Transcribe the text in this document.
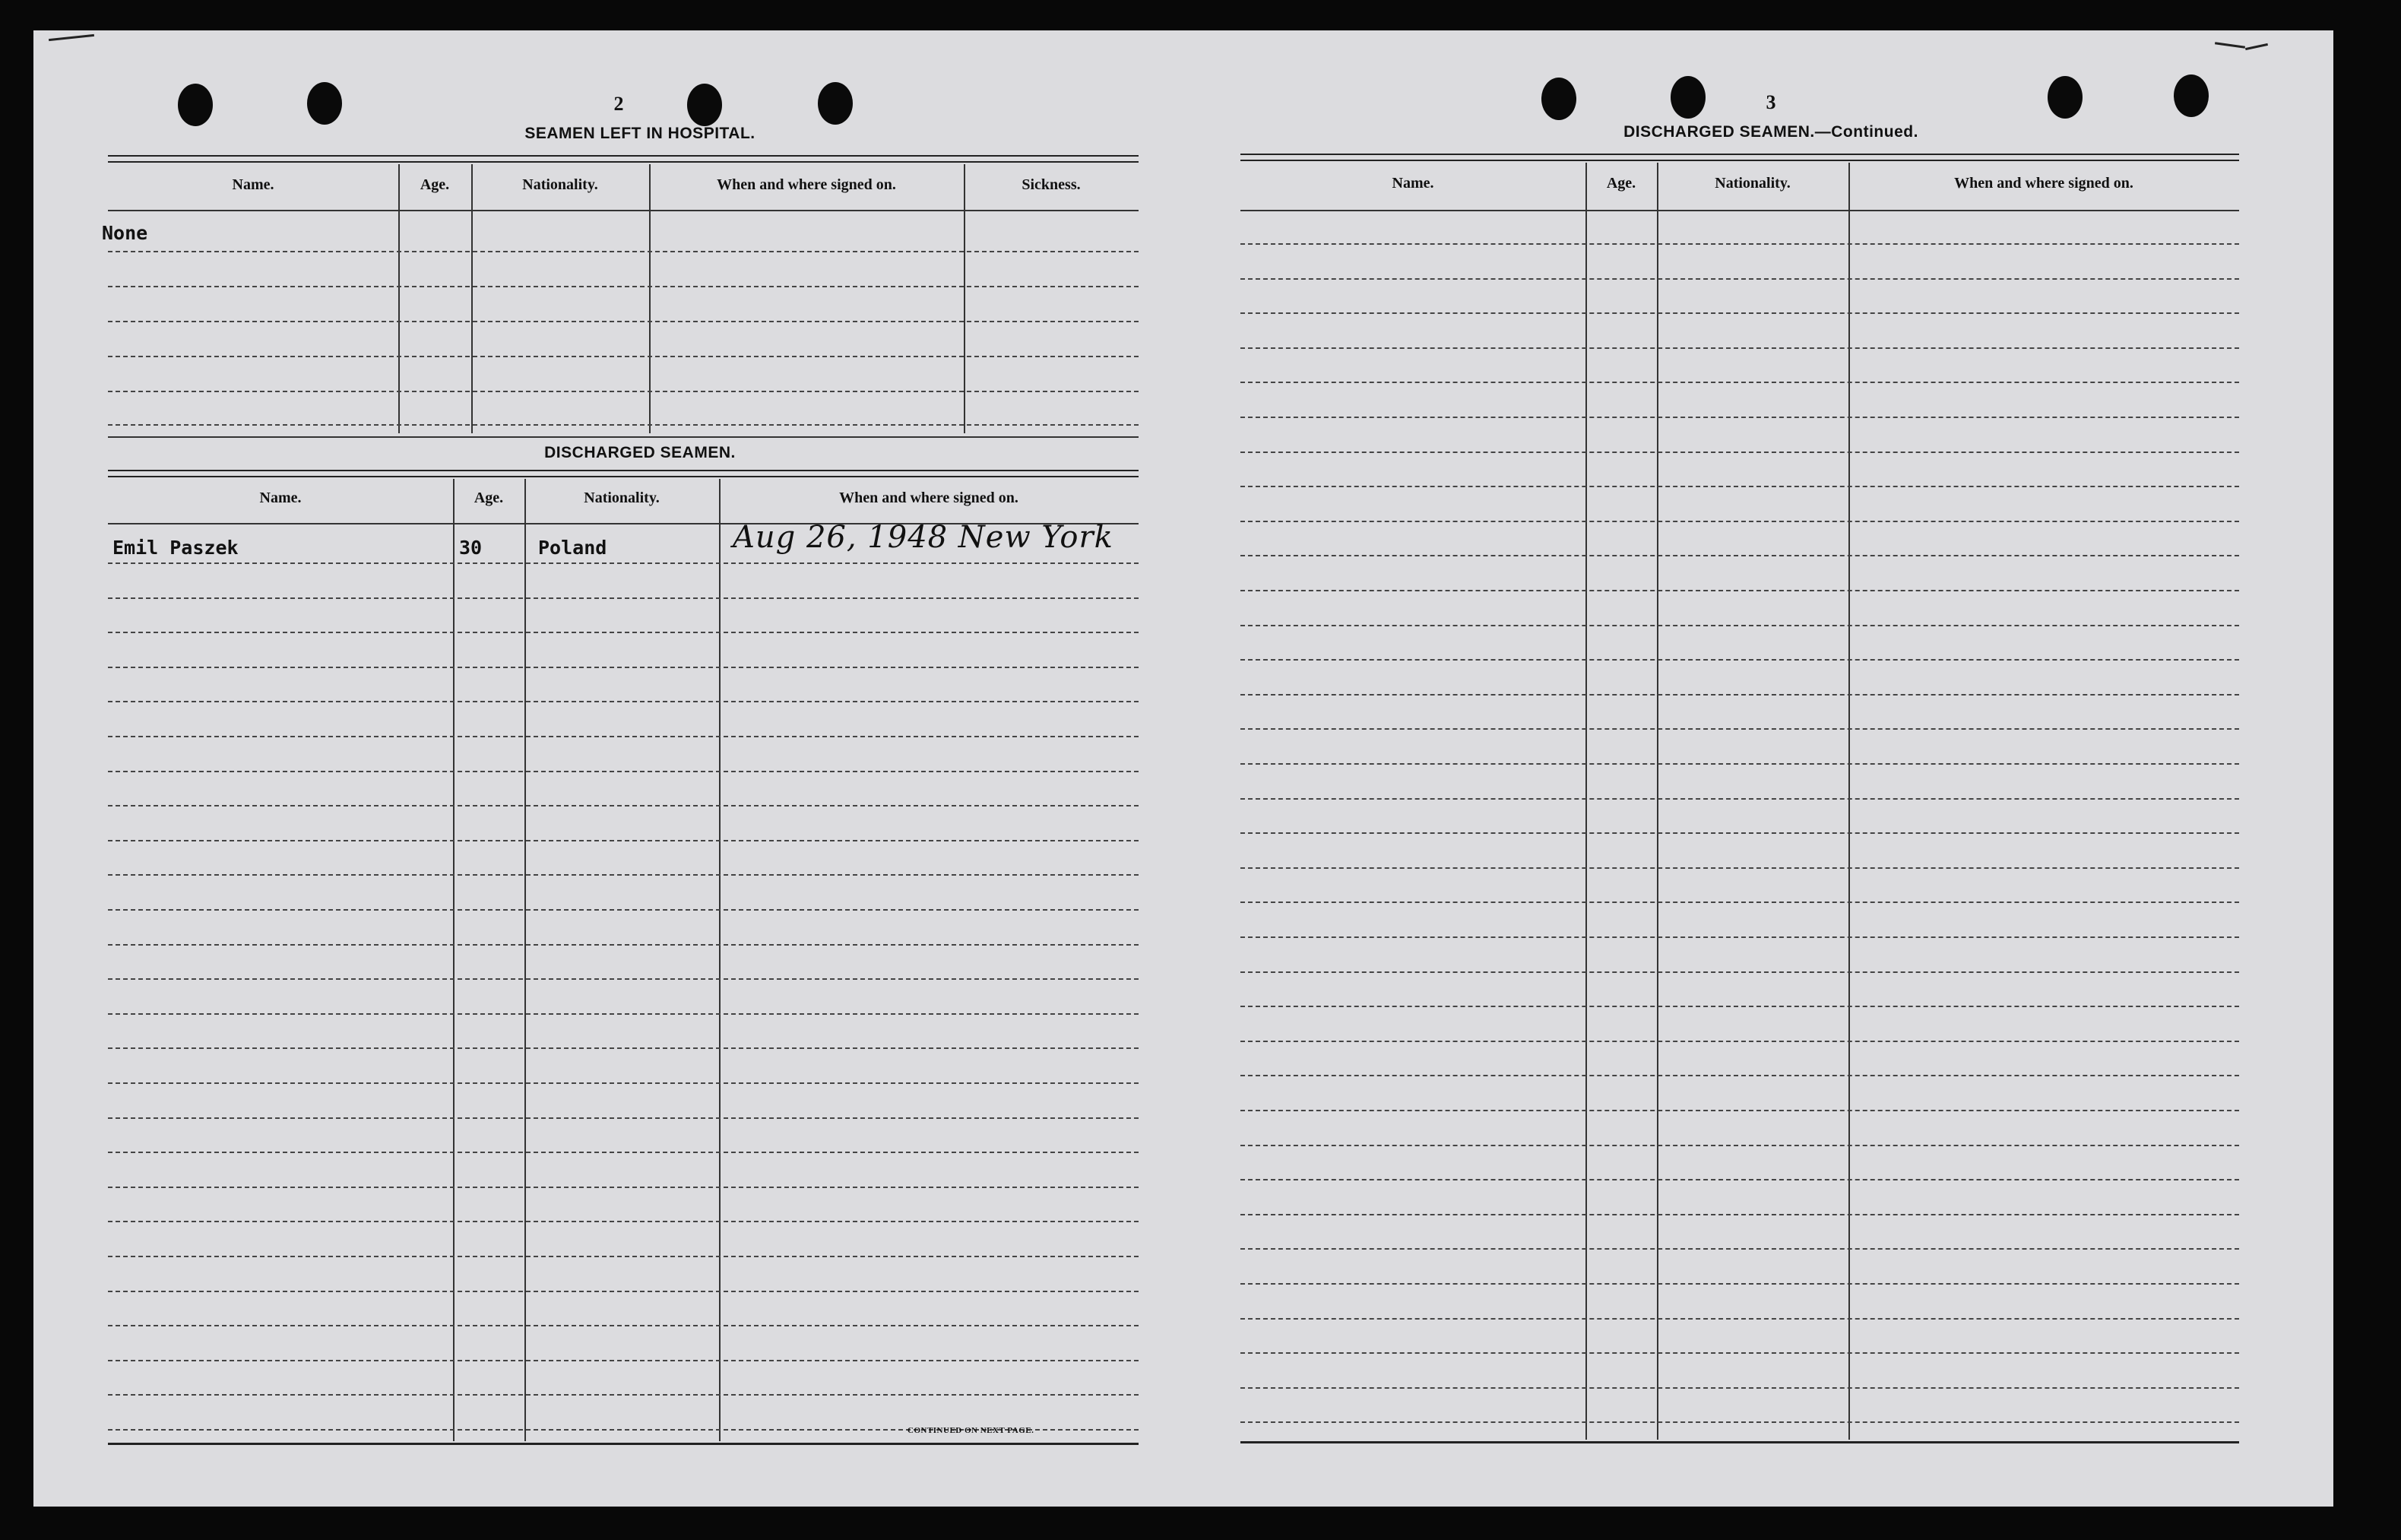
2
SEAMEN LEFT IN HOSPITAL.
Name.	Age.	Nationality.	When and where signed on.	Sickness.
None
DISCHARGED SEAMEN.
Name.	Age.	Nationality.	When and where signed on.
Emil Paszek	30	Poland	Aug 26, 1948 New York
CONTINUED ON NEXT PAGE.
3
DISCHARGED SEAMEN.—Continued.
Name.	Age.	Nationality.	When and where signed on.
